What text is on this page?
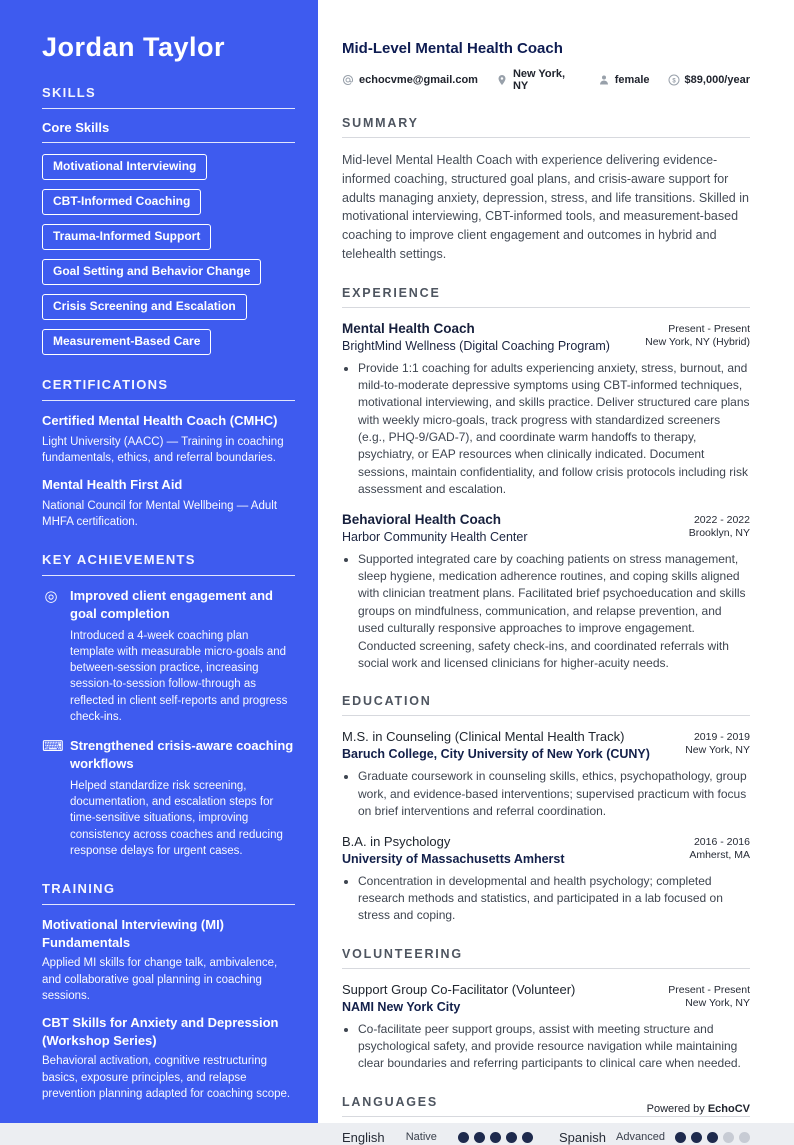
Jordan Taylor
SKILLS
Core Skills
Motivational Interviewing
CBT-Informed Coaching
Trauma-Informed Support
Goal Setting and Behavior Change
Crisis Screening and Escalation
Measurement-Based Care
CERTIFICATIONS
Certified Mental Health Coach (CMHC)
Light University (AACC) — Training in coaching fundamentals, ethics, and referral boundaries.
Mental Health First Aid
National Council for Mental Wellbeing — Adult MHFA certification.
KEY ACHIEVEMENTS
◎ Improved client engagement and goal completion
Introduced a 4-week coaching plan template with measurable micro-goals and between-session practice, increasing session-to-session follow-through as reflected in client self-reports and progress check-ins.
⌨ Strengthened crisis-aware coaching workflows
Helped standardize risk screening, documentation, and escalation steps for time-sensitive situations, improving consistency across coaches and reducing response delays for urgent cases.
TRAINING
Motivational Interviewing (MI) Fundamentals
Applied MI skills for change talk, ambivalence, and collaborative goal planning in coaching sessions.
CBT Skills for Anxiety and Depression (Workshop Series)
Behavioral activation, cognitive restructuring basics, exposure principles, and relapse prevention planning adapted for coaching scope.
Mid-Level Mental Health Coach
echocvme@gmail.com	New York, NY	female $ $89,000/year
SUMMARY

Mid-level Mental Health Coach with experience delivering evidence-informed coaching, structured goal plans, and crisis-aware support for adults managing anxiety, depression, stress, and life transitions. Skilled in motivational interviewing, CBT-informed tools, and measurement-based coaching to improve client engagement and outcomes in hybrid and telehealth settings.

EXPERIENCE
Mental Health Coach	Present - Present
BrightMind Wellness (Digital Coaching Program)	New York, NY (Hybrid)
• Provide 1:1 coaching for adults experiencing anxiety, stress, burnout, and mild-to-moderate depressive symptoms using CBT-informed techniques, motivational interviewing, and skills practice. Deliver structured care plans with weekly micro-goals, track progress with standardized screeners (e.g., PHQ-9/GAD-7), and coordinate warm handoffs to therapy, psychiatry, or EAP resources when clinically indicated. Document sessions, maintain confidentiality, and follow crisis protocols including risk assessment and escalation.
Behavioral Health Coach	2022 - 2022
Harbor Community Health Center	Brooklyn, NY
• Supported integrated care by coaching patients on stress management, sleep hygiene, medication adherence routines, and coping skills aligned with clinician treatment plans. Facilitated brief psychoeducation and skills groups on mindfulness, communication, and relapse prevention, and used culturally responsive approaches to improve engagement. Conducted screening, safety check-ins, and coordinated referrals with social work and licensed clinicians for higher-acuity needs.
EDUCATION
M.S. in Counseling (Clinical Mental Health Track)	2019 - 2019
Baruch College, City University of New York (CUNY)	New York, NY
• Graduate coursework in counseling skills, ethics, psychopathology, group work, and evidence-based interventions; supervised practicum with focus on brief interventions and referral coordination.
B.A. in Psychology	2016 - 2016
University of Massachusetts Amherst	Amherst, MA
• Concentration in developmental and health psychology; completed research methods and statistics, and participated in a lab focused on stress and coping.
VOLUNTEERING
Support Group Co-Facilitator (Volunteer)	Present - Present
NAMI New York City	New York, NY
• Co-facilitate peer support groups, assist with meeting structure and psychological safety, and provide resource navigation while maintaining clear boundaries and referring participants to clinical care when needed.
LANGUAGES
English Native	Spanish Advanced
Powered by EchoCV
